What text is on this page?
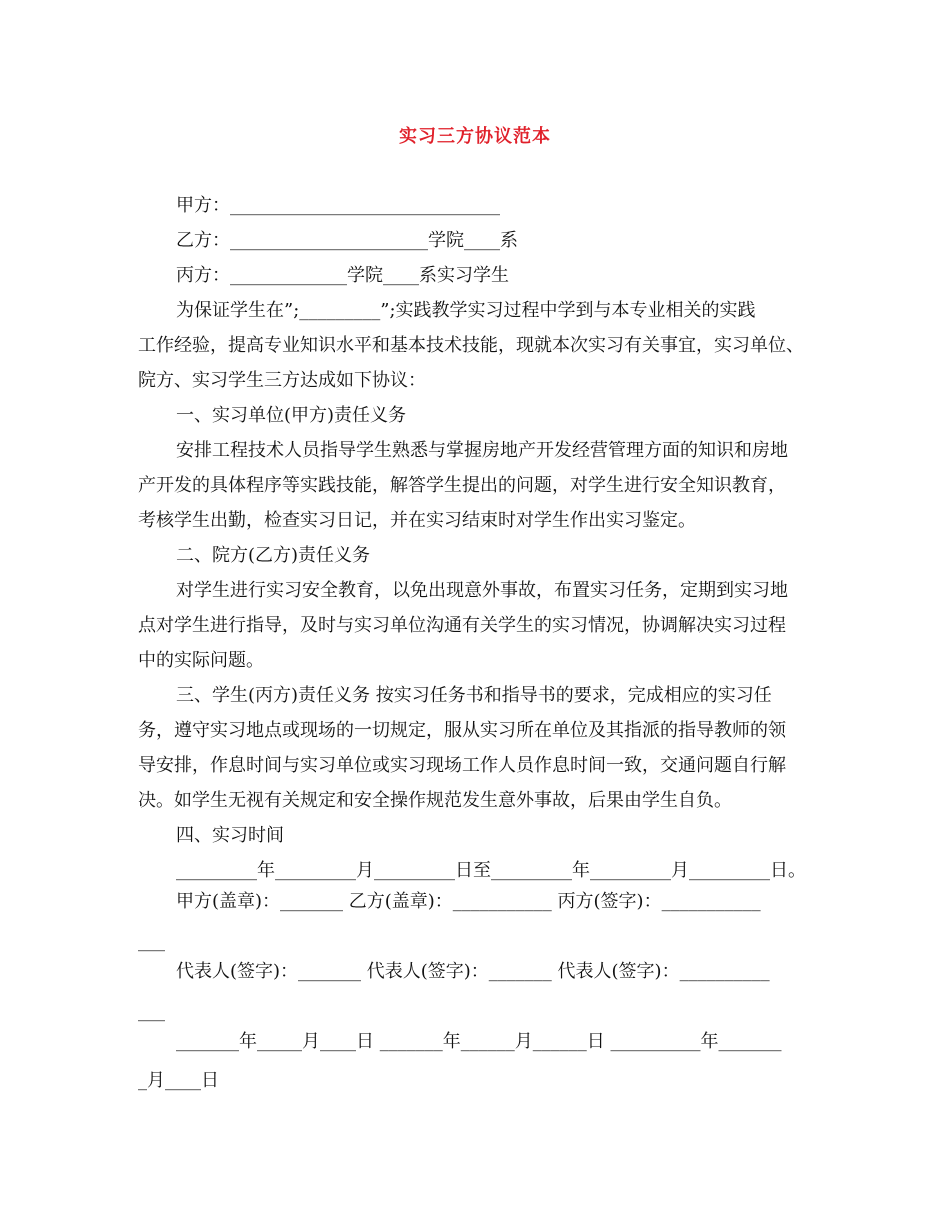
实习三方协议范本
甲方：______________________________
乙方：______________________学院____系
丙方：_____________学院____系实习学生
为保证学生在”;_________”;实践教学实习过程中学到与本专业相关的实践
工作经验，提高专业知识水平和基本技术技能，现就本次实习有关事宜，实习单位、
院方、实习学生三方达成如下协议：
一、实习单位(甲方)责任义务
安排工程技术人员指导学生熟悉与掌握房地产开发经营管理方面的知识和房地
产开发的具体程序等实践技能，解答学生提出的问题，对学生进行安全知识教育，
考核学生出勤，检查实习日记，并在实习结束时对学生作出实习鉴定。
二、院方(乙方)责任义务
对学生进行实习安全教育，以免出现意外事故，布置实习任务，定期到实习地
点对学生进行指导，及时与实习单位沟通有关学生的实习情况，协调解决实习过程
中的实际问题。
三、学生(丙方)责任义务 按实习任务书和指导书的要求，完成相应的实习任
务，遵守实习地点或现场的一切规定，服从实习所在单位及其指派的指导教师的领
导安排，作息时间与实习单位或实习现场工作人员作息时间一致，交通问题自行解
决。如学生无视有关规定和安全操作规范发生意外事故，后果由学生自负。
四、实习时间
_________年_________月_________日至_________年_________月_________日。
甲方(盖章)：_______ 乙方(盖章)：___________ 丙方(签字)：___________
___
代表人(签字)：_______ 代表人(签字)：_______ 代表人(签字)：__________
___
_______年_____月____日 _______年______月______日 __________年_______
_月____日
